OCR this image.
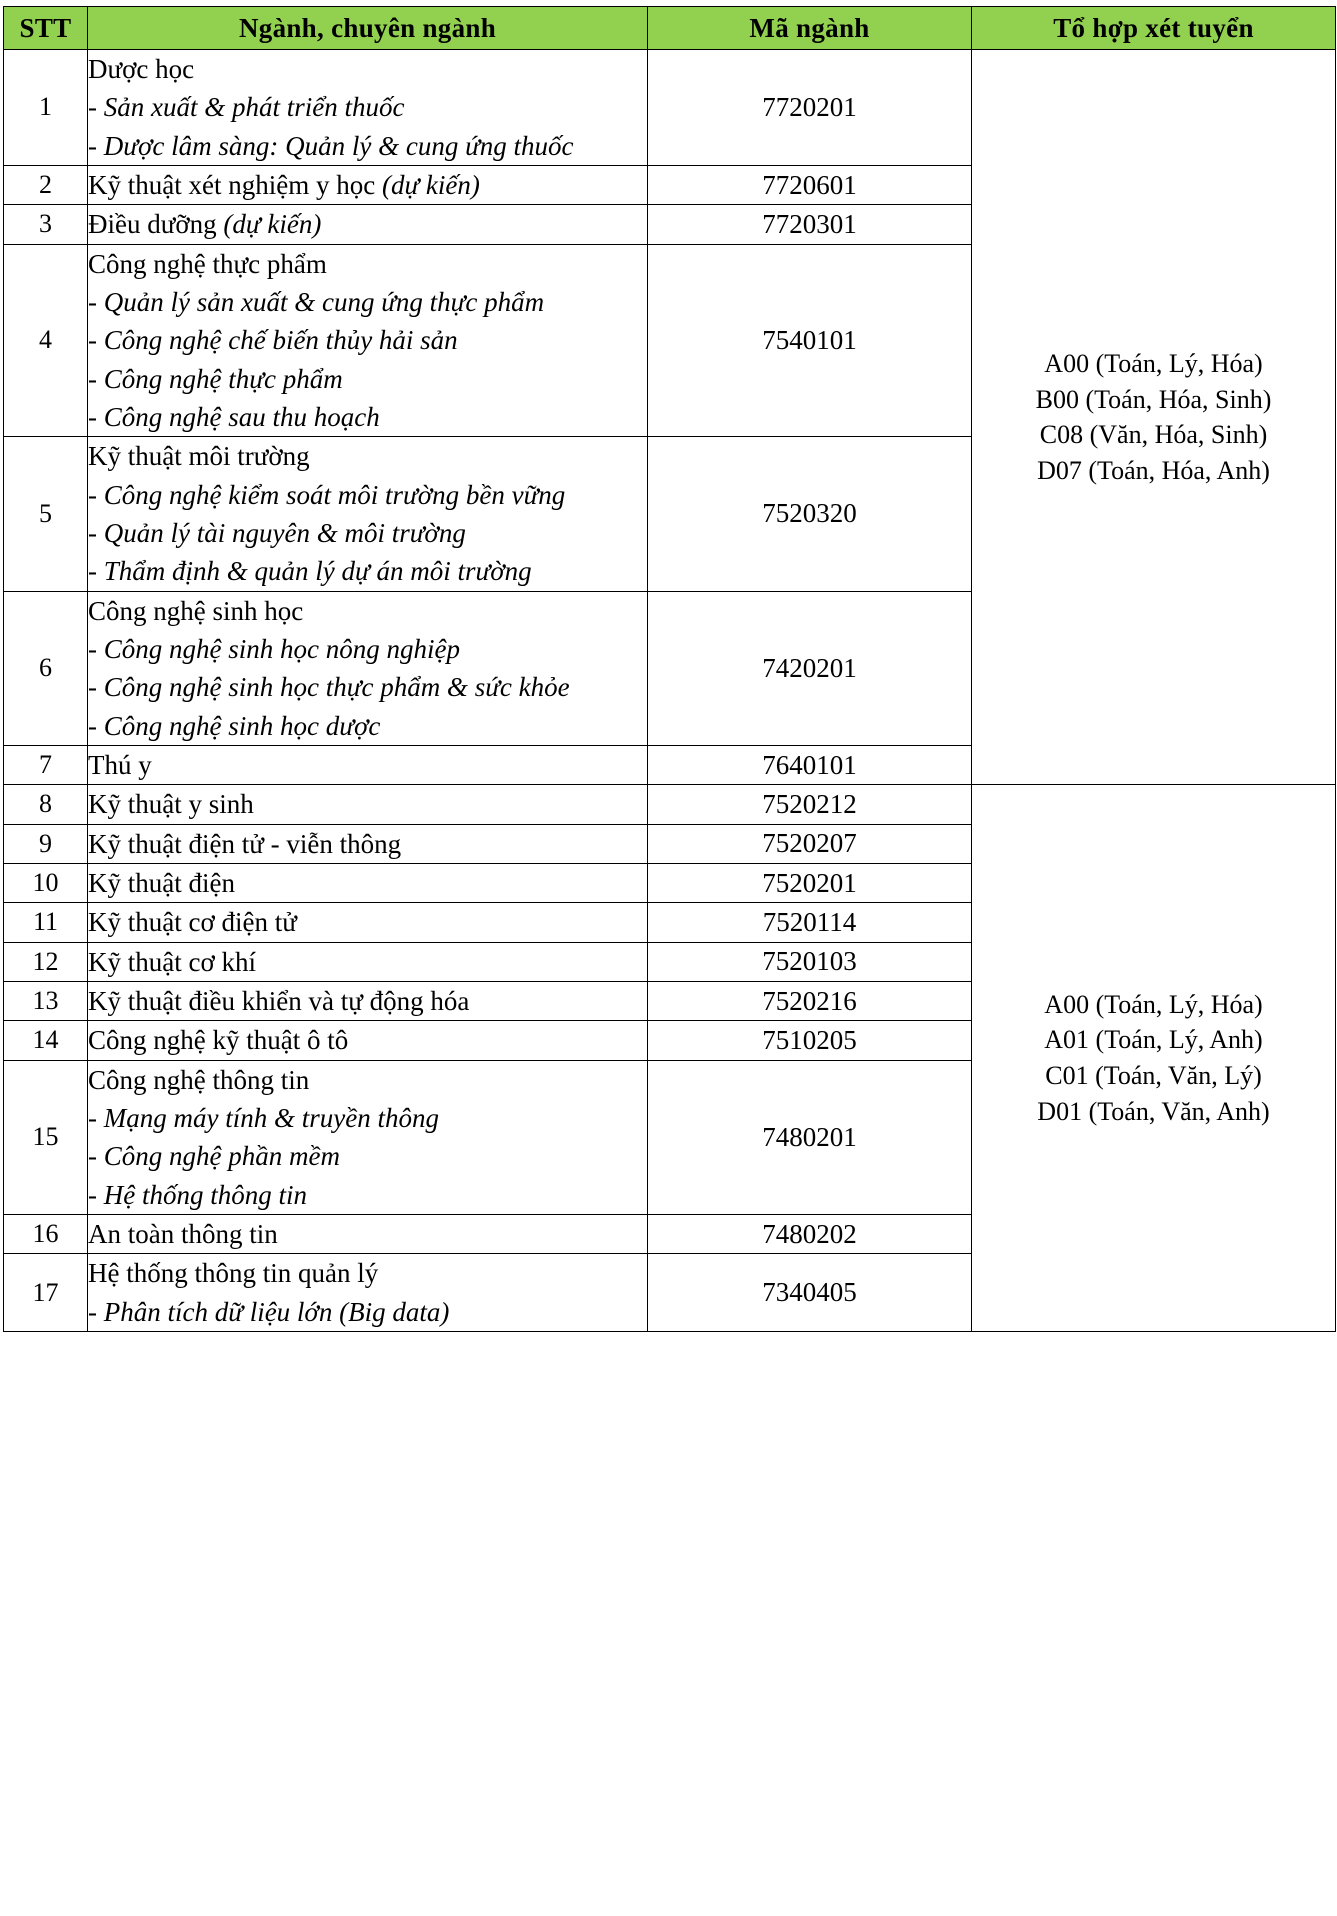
STT	Ngành, chuyên ngành	Mã ngành	Tổ hợp xét tuyển
1	Dược học
- Sản xuất & phát triển thuốc
- Dược lâm sàng: Quản lý & cung ứng thuốc	7720201	A00 (Toán, Lý, Hóa)
B00 (Toán, Hóa, Sinh)
C08 (Văn, Hóa, Sinh)
D07 (Toán, Hóa, Anh)

2	Kỹ thuật xét nghiệm y học (dự kiến)	7720601	
3	Điều dưỡng (dự kiến)	7720301	
4	Công nghệ thực phẩm
- Quản lý sản xuất & cung ứng thực phẩm
- Công nghệ chế biến thủy hải sản
- Công nghệ thực phẩm
- Công nghệ sau thu hoạch	7540101	
5	Kỹ thuật môi trường
- Công nghệ kiểm soát môi trường bền vững
- Quản lý tài nguyên & môi trường
- Thẩm định & quản lý dự án môi trường	7520320	
6	Công nghệ sinh học
- Công nghệ sinh học nông nghiệp
- Công nghệ sinh học thực phẩm & sức khỏe
- Công nghệ sinh học dược	7420201	
7	Thú y	7640101	
8	Kỹ thuật y sinh	7520212	A00 (Toán, Lý, Hóa)
A01 (Toán, Lý, Anh)
C01 (Toán, Văn, Lý)
D01 (Toán, Văn, Anh)

9	Kỹ thuật điện tử - viễn thông	7520207	
10	Kỹ thuật điện	7520201	
11	Kỹ thuật cơ điện tử	7520114	
12	Kỹ thuật cơ khí	7520103	
13	Kỹ thuật điều khiển và tự động hóa	7520216	
14	Công nghệ kỹ thuật ô tô	7510205	
15	Công nghệ thông tin
- Mạng máy tính & truyền thông
- Công nghệ phần mềm
- Hệ thống thông tin	7480201	
16	An toàn thông tin	7480202	
17	Hệ thống thông tin quản lý
- Phân tích dữ liệu lớn (Big data)	7340405	
